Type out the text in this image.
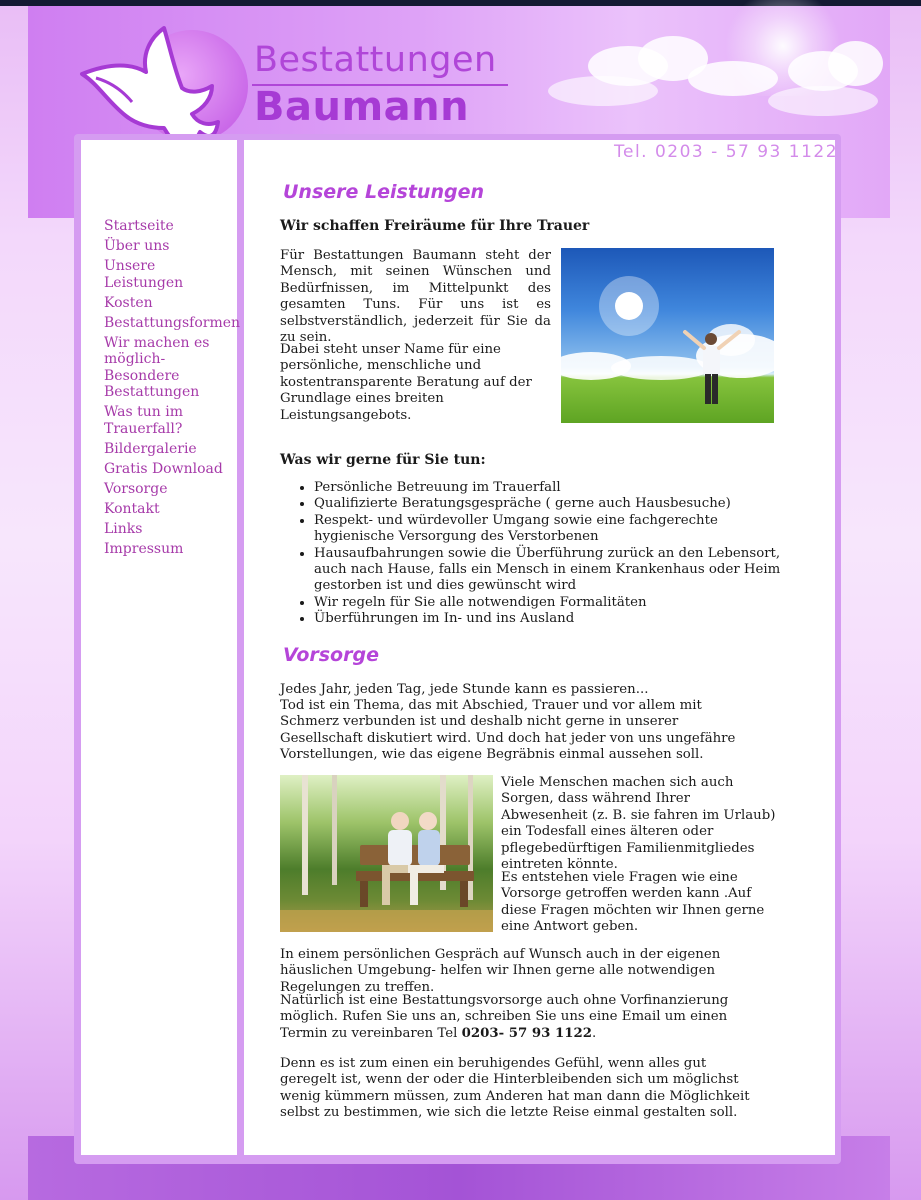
Bestattungen
Baumann
Tel. 0203 - 57 93 1122
Startseite
Über uns
Unsere Leistungen
Kosten
Bestattungsformen
Wir machen es möglich-Besondere Bestattungen
Was tun im Trauerfall?
Bildergalerie
Gratis Download
Vorsorge
Kontakt
Links
Impressum
Unsere Leistungen

Wir schaffen Freiräume für Ihre Trauer

Für Bestattungen Baumann steht der Mensch, mit seinen Wünschen und Bedürfnissen, im Mittelpunkt des gesamten Tuns. Für uns ist es selbstverständlich, jederzeit für Sie da zu sein.

Dabei steht unser Name für eine persönliche, menschliche und kostentransparente Beratung auf der Grundlage eines breiten Leistungsangebots.

Was wir gerne für Sie tun:

• Persönliche Betreuung im Trauerfall
• Qualifizierte Beratungsgespräche ( gerne auch Hausbesuche)
• Respekt- und würdevoller Umgang sowie eine fachgerechte hygienische Versorgung des Verstorbenen
• Hausaufbahrungen sowie die Überführung zurück an den Lebensort, auch nach Hause, falls ein Mensch in einem Krankenhaus oder Heim gestorben ist und dies gewünscht wird
• Wir regeln für Sie alle notwendigen Formalitäten
• Überführungen im In- und ins Ausland
Vorsorge

Jedes Jahr, jeden Tag, jede Stunde kann es passieren...

Tod ist ein Thema, das mit Abschied, Trauer und vor allem mit Schmerz verbunden ist und deshalb nicht gerne in unserer Gesellschaft diskutiert wird. Und doch hat jeder von uns ungefähre Vorstellungen, wie das eigene Begräbnis einmal aussehen soll.

Viele Menschen machen sich auch Sorgen, dass während Ihrer Abwesenheit (z. B. sie fahren im Urlaub) ein Todesfall eines älteren oder pflegebedürftigen Familienmitgliedes eintreten könnte.

Es entstehen viele Fragen wie eine Vorsorge getroffen werden kann .Auf diese Fragen möchten wir Ihnen gerne eine Antwort geben.

In einem persönlichen Gespräch auf Wunsch auch in der eigenen häuslichen Umgebung- helfen wir Ihnen gerne alle notwendigen Regelungen zu treffen.

Natürlich ist eine Bestattungsvorsorge auch ohne Vorfinanzierung möglich. Rufen Sie uns an, schreiben Sie uns eine Email um einen Termin zu vereinbaren Tel 0203- 57 93 1122.

Denn es ist zum einen ein beruhigendes Gefühl, wenn alles gut geregelt ist, wenn der oder die Hinterbleibenden sich um möglichst wenig kümmern müssen, zum Anderen hat man dann die Möglichkeit selbst zu bestimmen, wie sich die letzte Reise einmal gestalten soll.
